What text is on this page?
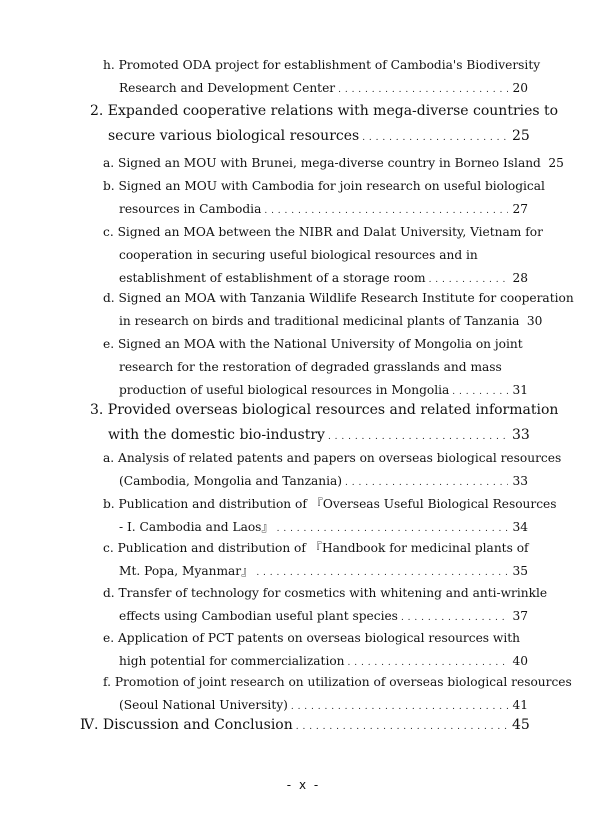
h. Promoted ODA project for establishment of Cambodia's Biodiversity
Research and Development Center . . .	20
2. Expanded cooperative relations with mega-diverse countries to
secure various biological resources . . .	25
a. Signed an MOU with Brunei, mega-diverse country in Borneo Island 25
b. Signed an MOU with Cambodia for join research on useful biological
resources in Cambodia . . .	27
c. Signed an MOA between the NIBR and Dalat University, Vietnam for
cooperation in securing useful biological resources and in
establishment of establishment of a storage room . . .	28
d. Signed an MOA with Tanzania Wildlife Research Institute for cooperation
in research on birds and traditional medicinal plants of Tanzania 30
e. Signed an MOA with the National University of Mongolia on joint
research for the restoration of degraded grasslands and mass
production of useful biological resources in Mongolia . . .	31
3. Provided overseas biological resources and related information
with the domestic bio-industry . . .	33
a. Analysis of related patents and papers on overseas biological resources
(Cambodia, Mongolia and Tanzania) . . .	33
b. Publication and distribution of 『Overseas Useful Biological Resources
- I. Cambodia and Laos』 . . .	34
c. Publication and distribution of 『Handbook for medicinal plants of
Mt. Popa, Myanmar』 . . .	35
d. Transfer of technology for cosmetics with whitening and anti-wrinkle
effects using Cambodian useful plant species . . .	37
e. Application of PCT patents on overseas biological resources with
high potential for commercialization . . .	40
f. Promotion of joint research on utilization of overseas biological resources
(Seoul National University) . . .	41
Ⅳ. Discussion and Conclusion . . .	45
- x -
